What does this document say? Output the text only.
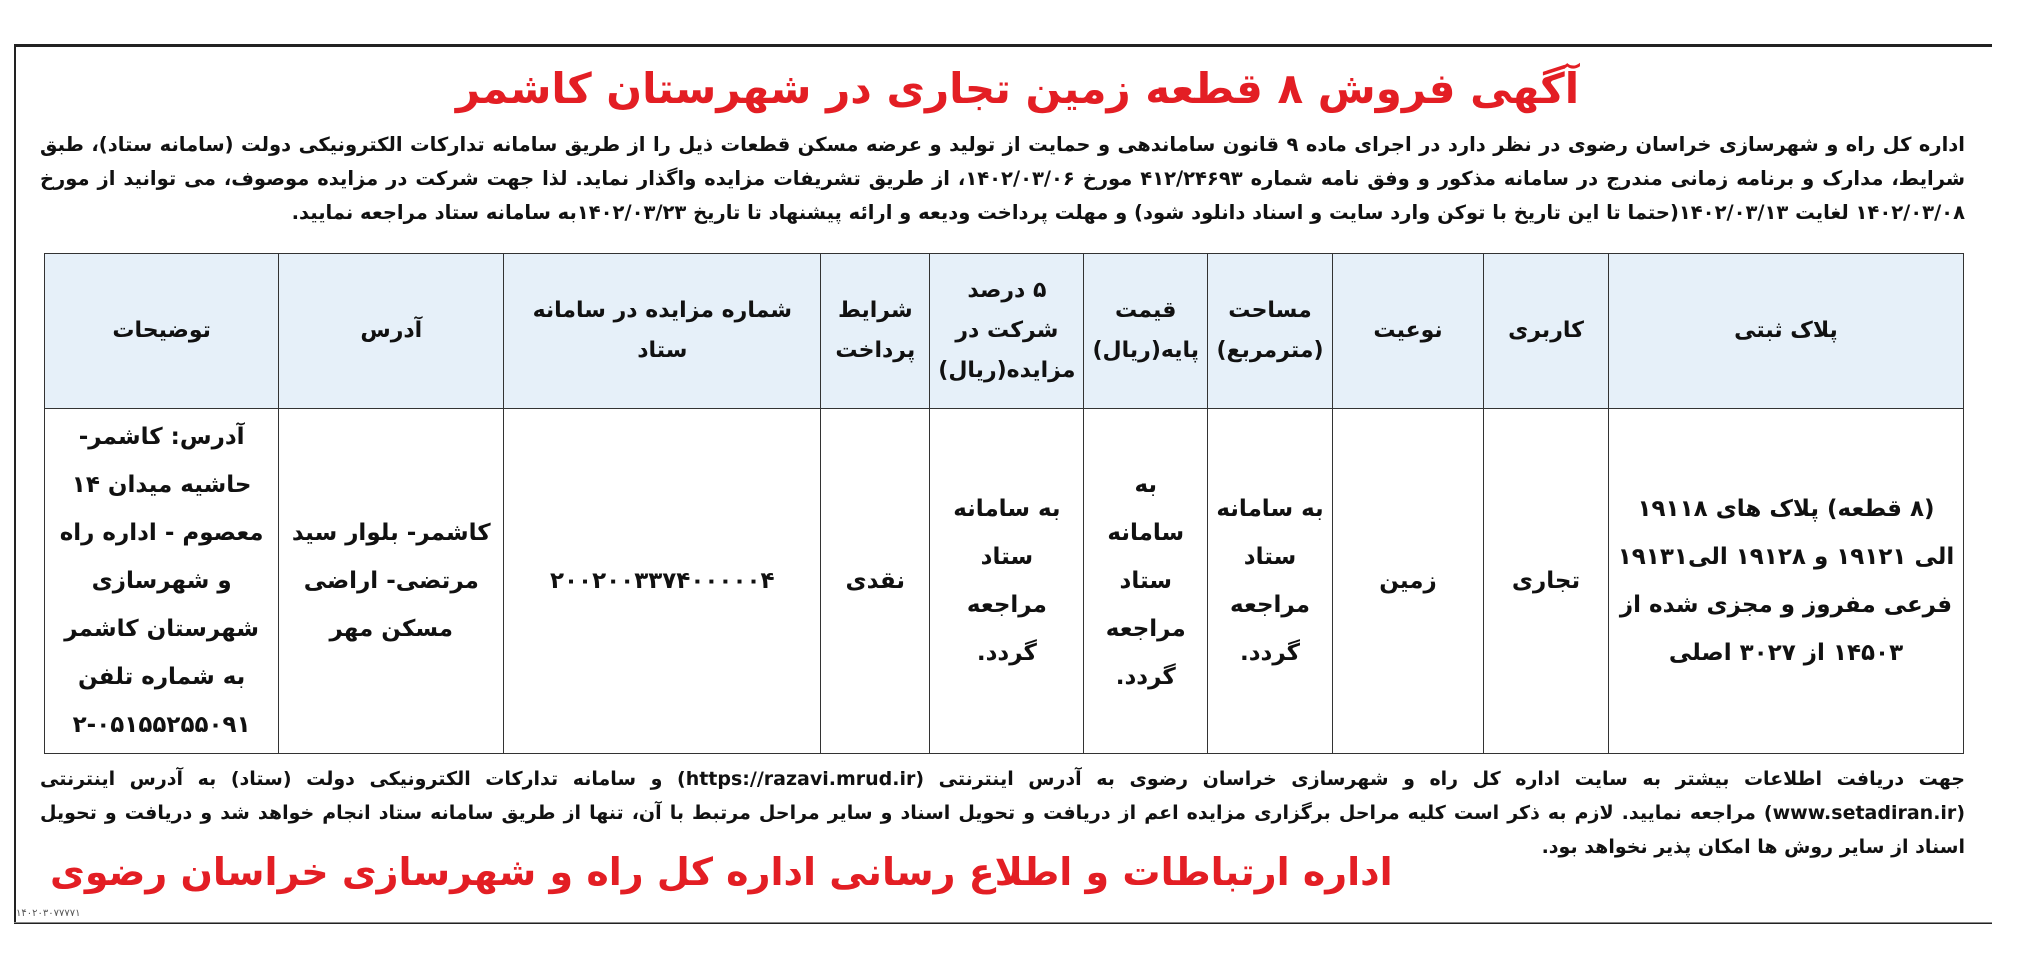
آگهی فروش ۸ قطعه زمین تجاری در شهرستان کاشمر
اداره کل راه و شهرسازی خراسان رضوی در نظر دارد در اجرای ماده ۹ قانون ساماندهی و حمایت از تولید و عرضه مسکن قطعات ذیل را از طریق سامانه تدارکات الکترونیکی دولت (سامانه ستاد)، طبق شرایط، مدارک و برنامه زمانی مندرج در سامانه مذکور و وفق نامه شماره ۴۱۲/۲۴۶۹۳ مورخ ۱۴۰۲/۰۳/۰۶، از طریق تشریفات مزایده واگذار نماید. لذا جهت شرکت در مزایده موصوف، می توانید از مورخ ۱۴۰۲/۰۳/۰۸ لغایت ۱۴۰۲/۰۳/۱۳(حتما تا این تاریخ با توکن وارد سایت و اسناد دانلود شود) و مهلت پرداخت ودیعه و ارائه پیشنهاد تا تاریخ ۱۴۰۲/۰۳/۲۳به سامانه ستاد مراجعه نمایید.
پلاک ثبتی	کاربری	نوعیت	مساحت (مترمربع)	قیمت پایه(ریال)	۵ درصد شرکت در مزایده(ریال)	شرایط پرداخت	شماره مزایده در سامانه ستاد	آدرس	توضیحات
(۸ قطعه) پلاک های ۱۹۱۱۸ الی ۱۹۱۲۱ و ۱۹۱۲۸ الی۱۹۱۳۱ فرعی مفروز و مجزی شده از ۱۴۵۰۳ از ۳۰۲۷ اصلی	تجاری	زمین	به سامانه ستاد مراجعه گردد.	به سامانه ستاد مراجعه گردد.	به سامانه ستاد مراجعه گردد.	نقدی	۲۰۰۲۰۰۳۳۷۴۰۰۰۰۰۴	کاشمر- بلوار سید مرتضی- اراضی مسکن مهر	آدرس: کاشمر-حاشیه میدان ۱۴ معصوم - اداره راه و شهرسازی شهرستان کاشمر به شماره تلفن ۰۵۱۵۵۲۵۵۰۹۱-۲
جهت دریافت اطلاعات بیشتر به سایت اداره کل راه و شهرسازی خراسان رضوی به آدرس اینترنتی (https://razavi.mrud.ir) و سامانه تدارکات الکترونیکی دولت (ستاد) به آدرس اینترنتی (www.setadiran.ir) مراجعه نمایید. لازم به ذکر است کلیه مراحل برگزاری مزایده اعم از دریافت و تحویل اسناد و سایر مراحل مرتبط با آن، تنها از طریق سامانه ستاد انجام خواهد شد و دریافت و تحویل اسناد از سایر روش ها امکان پذیر نخواهد بود.
اداره ارتباطات و اطلاع رسانی اداره کل راه و شهرسازی خراسان رضوی
۱۴۰۲۰۳۰۷۷۷۷۱
